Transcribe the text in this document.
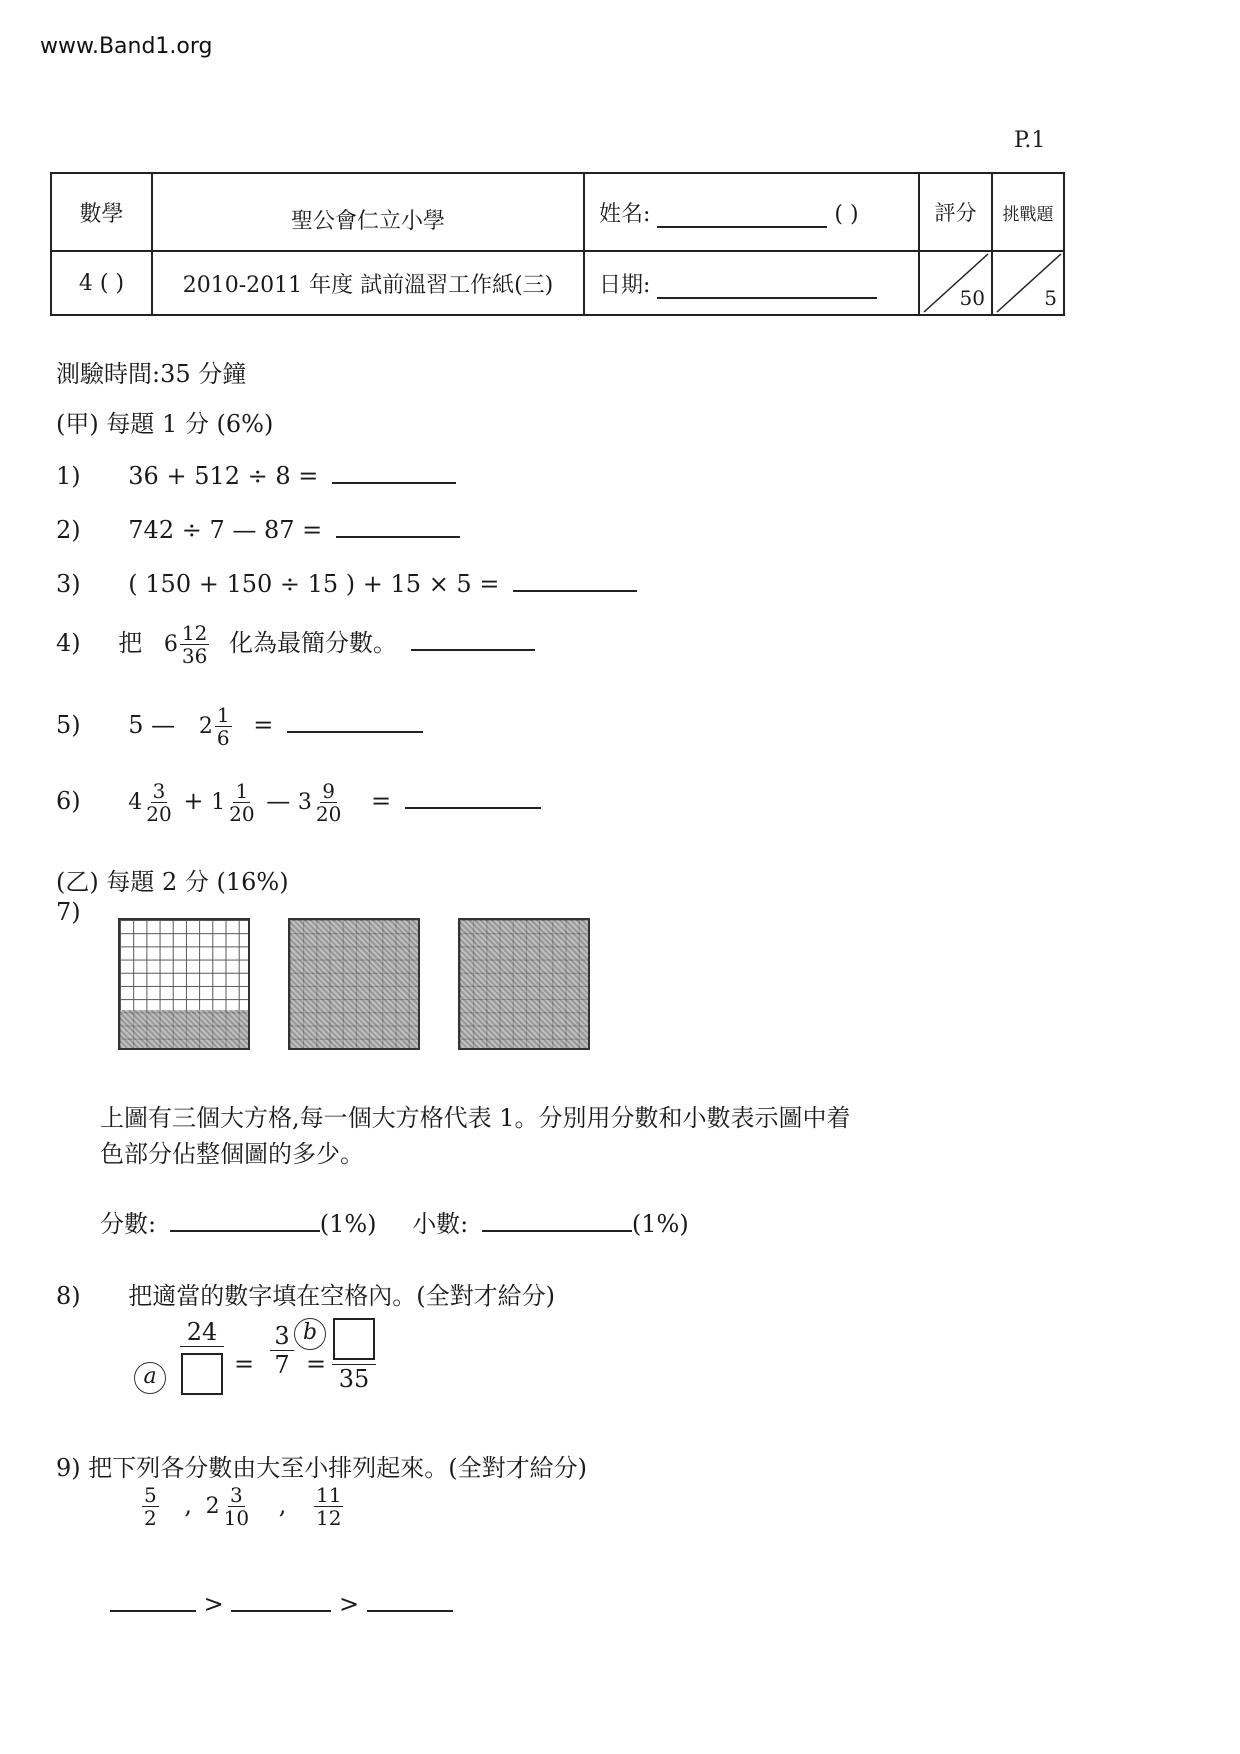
www.Band1.org
P.1
數學	聖公會仁立小學	姓名: ( )	評分	挑戰題
4 ( )	2010-2011 年度 試前溫習工作紙(三)	日期:	50	5
測驗時間:35 分鐘
(甲) 每題 1 分 (6%)
1) 36 + 512 ÷ 8 =
2) 742 ÷ 7 — 87 =
3) ( 150 + 150 ÷ 15 ) + 15 × 5 =
4) 把 $6 \frac{12}{36}$ 化為最簡分數。
5) 5 — $2 \frac{1}{6}$ =
6) $4 \frac{3}{20} + 1 \frac{1}{20}$ — $3 \frac{9}{20}$ =
(乙) 每題 2 分 (16%)
7)
上圖有三個大方格,每一個大方格代表 1。分別用分數和小數表示圖中着
色部分佔整個圖的多少。
分數:	(1%) 小數:	(1%)
8) 把適當的數字填在空格內。(全對才給分)
a
24
=
3
7 =
b
35
9) 把下列各分數由大至小排列起來。(全對才給分)
$\frac{5}{2}$ , $2 \frac{3}{10}$ , $\frac{11}{12}$
>	>
